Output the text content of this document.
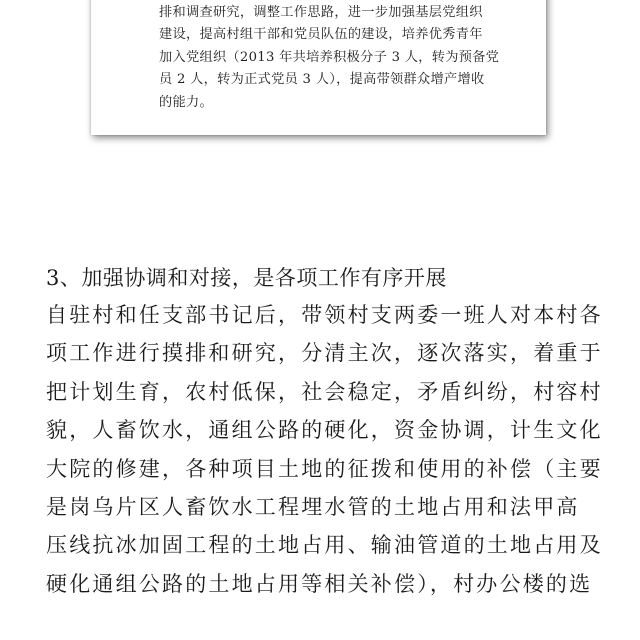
排和调查研究，调整工作思路，进一步加强基层党组织
建设，提高村组干部和党员队伍的建设，培养优秀青年
加入党组织（2013 年共培养积极分子 3 人，转为预备党
员 2 人，转为正式党员 3 人），提高带领群众增产增收
的能力。
3、加强协调和对接，是各项工作有序开展
自驻村和任支部书记后，带领村支两委一班人对本村各
项工作进行摸排和研究，分清主次，逐次落实，着重于
把计划生育，农村低保，社会稳定，矛盾纠纷，村容村
貌，人畜饮水，通组公路的硬化，资金协调，计生文化
大院的修建，各种项目土地的征拨和使用的补偿（主要
是岗乌片区人畜饮水工程埋水管的土地占用和法甲高
压线抗冰加固工程的土地占用、输油管道的土地占用及
硬化通组公路的土地占用等相关补偿），村办公楼的选
